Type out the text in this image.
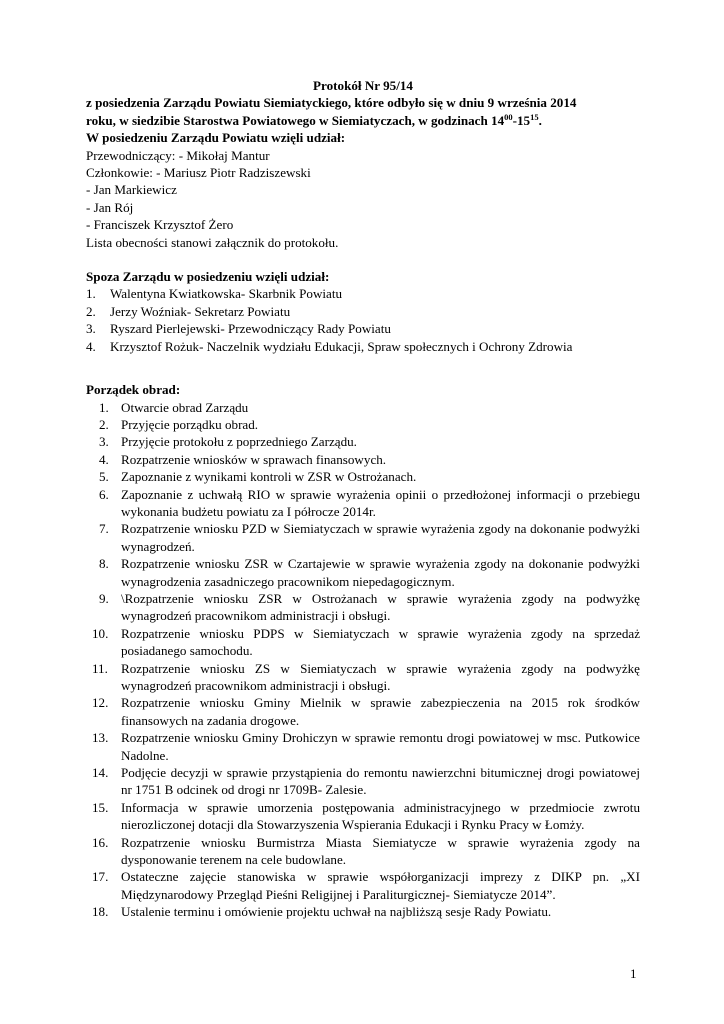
Protokół Nr 95/14
z posiedzenia Zarządu Powiatu Siemiatyckiego, które odbyło się w dniu 9 września 2014
roku, w siedzibie Starostwa Powiatowego w Siemiatyczach, w godzinach $14^{00}-15^{15}$.
W posiedzeniu Zarządu Powiatu wzięli udział:
Przewodniczący: - Mikołaj Mantur
Członkowie: - Mariusz Piotr Radziszewski
- Jan Markiewicz
- Jan Rój
- Franciszek Krzysztof Żero
Lista obecności stanowi załącznik do protokołu.
Spoza Zarządu w posiedzeniu wzięli udział:
1. Walentyna Kwiatkowska- Skarbnik Powiatu
2. Jerzy Woźniak- Sekretarz Powiatu
3. Ryszard Pierlejewski- Przewodniczący Rady Powiatu
4. Krzysztof Rożuk- Naczelnik wydziału Edukacji, Spraw społecznych i Ochrony Zdrowia
Porządek obrad:
1. Otwarcie obrad Zarządu
2. Przyjęcie porządku obrad.
3. Przyjęcie protokołu z poprzedniego Zarządu.
4. Rozpatrzenie wniosków w sprawach finansowych.
5. Zapoznanie z wynikami kontroli w ZSR w Ostrożanach.
6. Zapoznanie z uchwałą RIO w sprawie wyrażenia opinii o przedłożonej informacji o przebiegu wykonania budżetu powiatu za I półrocze 2014r.
7. Rozpatrzenie wniosku PZD w Siemiatyczach w sprawie wyrażenia zgody na dokonanie podwyżki wynagrodzeń.
8. Rozpatrzenie wniosku ZSR w Czartajewie w sprawie wyrażenia zgody na dokonanie podwyżki wynagrodzenia zasadniczego pracownikom niepedagogicznym.
9. \Rozpatrzenie wniosku ZSR w Ostrożanach w sprawie wyrażenia zgody na podwyżkę wynagrodzeń pracownikom administracji i obsługi.
10. Rozpatrzenie wniosku PDPS w Siemiatyczach w sprawie wyrażenia zgody na sprzedaż posiadanego samochodu.
11. Rozpatrzenie wniosku ZS w Siemiatyczach w sprawie wyrażenia zgody na podwyżkę wynagrodzeń pracownikom administracji i obsługi.
12. Rozpatrzenie wniosku Gminy Mielnik w sprawie zabezpieczenia na 2015 rok środków finansowych na zadania drogowe.
13. Rozpatrzenie wniosku Gminy Drohiczyn w sprawie remontu drogi powiatowej w msc. Putkowice Nadolne.
14. Podjęcie decyzji w sprawie przystąpienia do remontu nawierzchni bitumicznej drogi powiatowej nr 1751 B odcinek od drogi nr 1709B- Zalesie.
15. Informacja w sprawie umorzenia postępowania administracyjnego w przedmiocie zwrotu nierozliczonej dotacji dla Stowarzyszenia Wspierania Edukacji i Rynku Pracy w Łomży.
16. Rozpatrzenie wniosku Burmistrza Miasta Siemiatycze w sprawie wyrażenia zgody na dysponowanie terenem na cele budowlane.
17. Ostateczne zajęcie stanowiska w sprawie współorganizacji imprezy z DIKP pn. „XI Międzynarodowy Przegląd Pieśni Religijnej i Paraliturgicznej- Siemiatycze 2014”.
18. Ustalenie terminu i omówienie projektu uchwał na najbliższą sesje Rady Powiatu.
1
